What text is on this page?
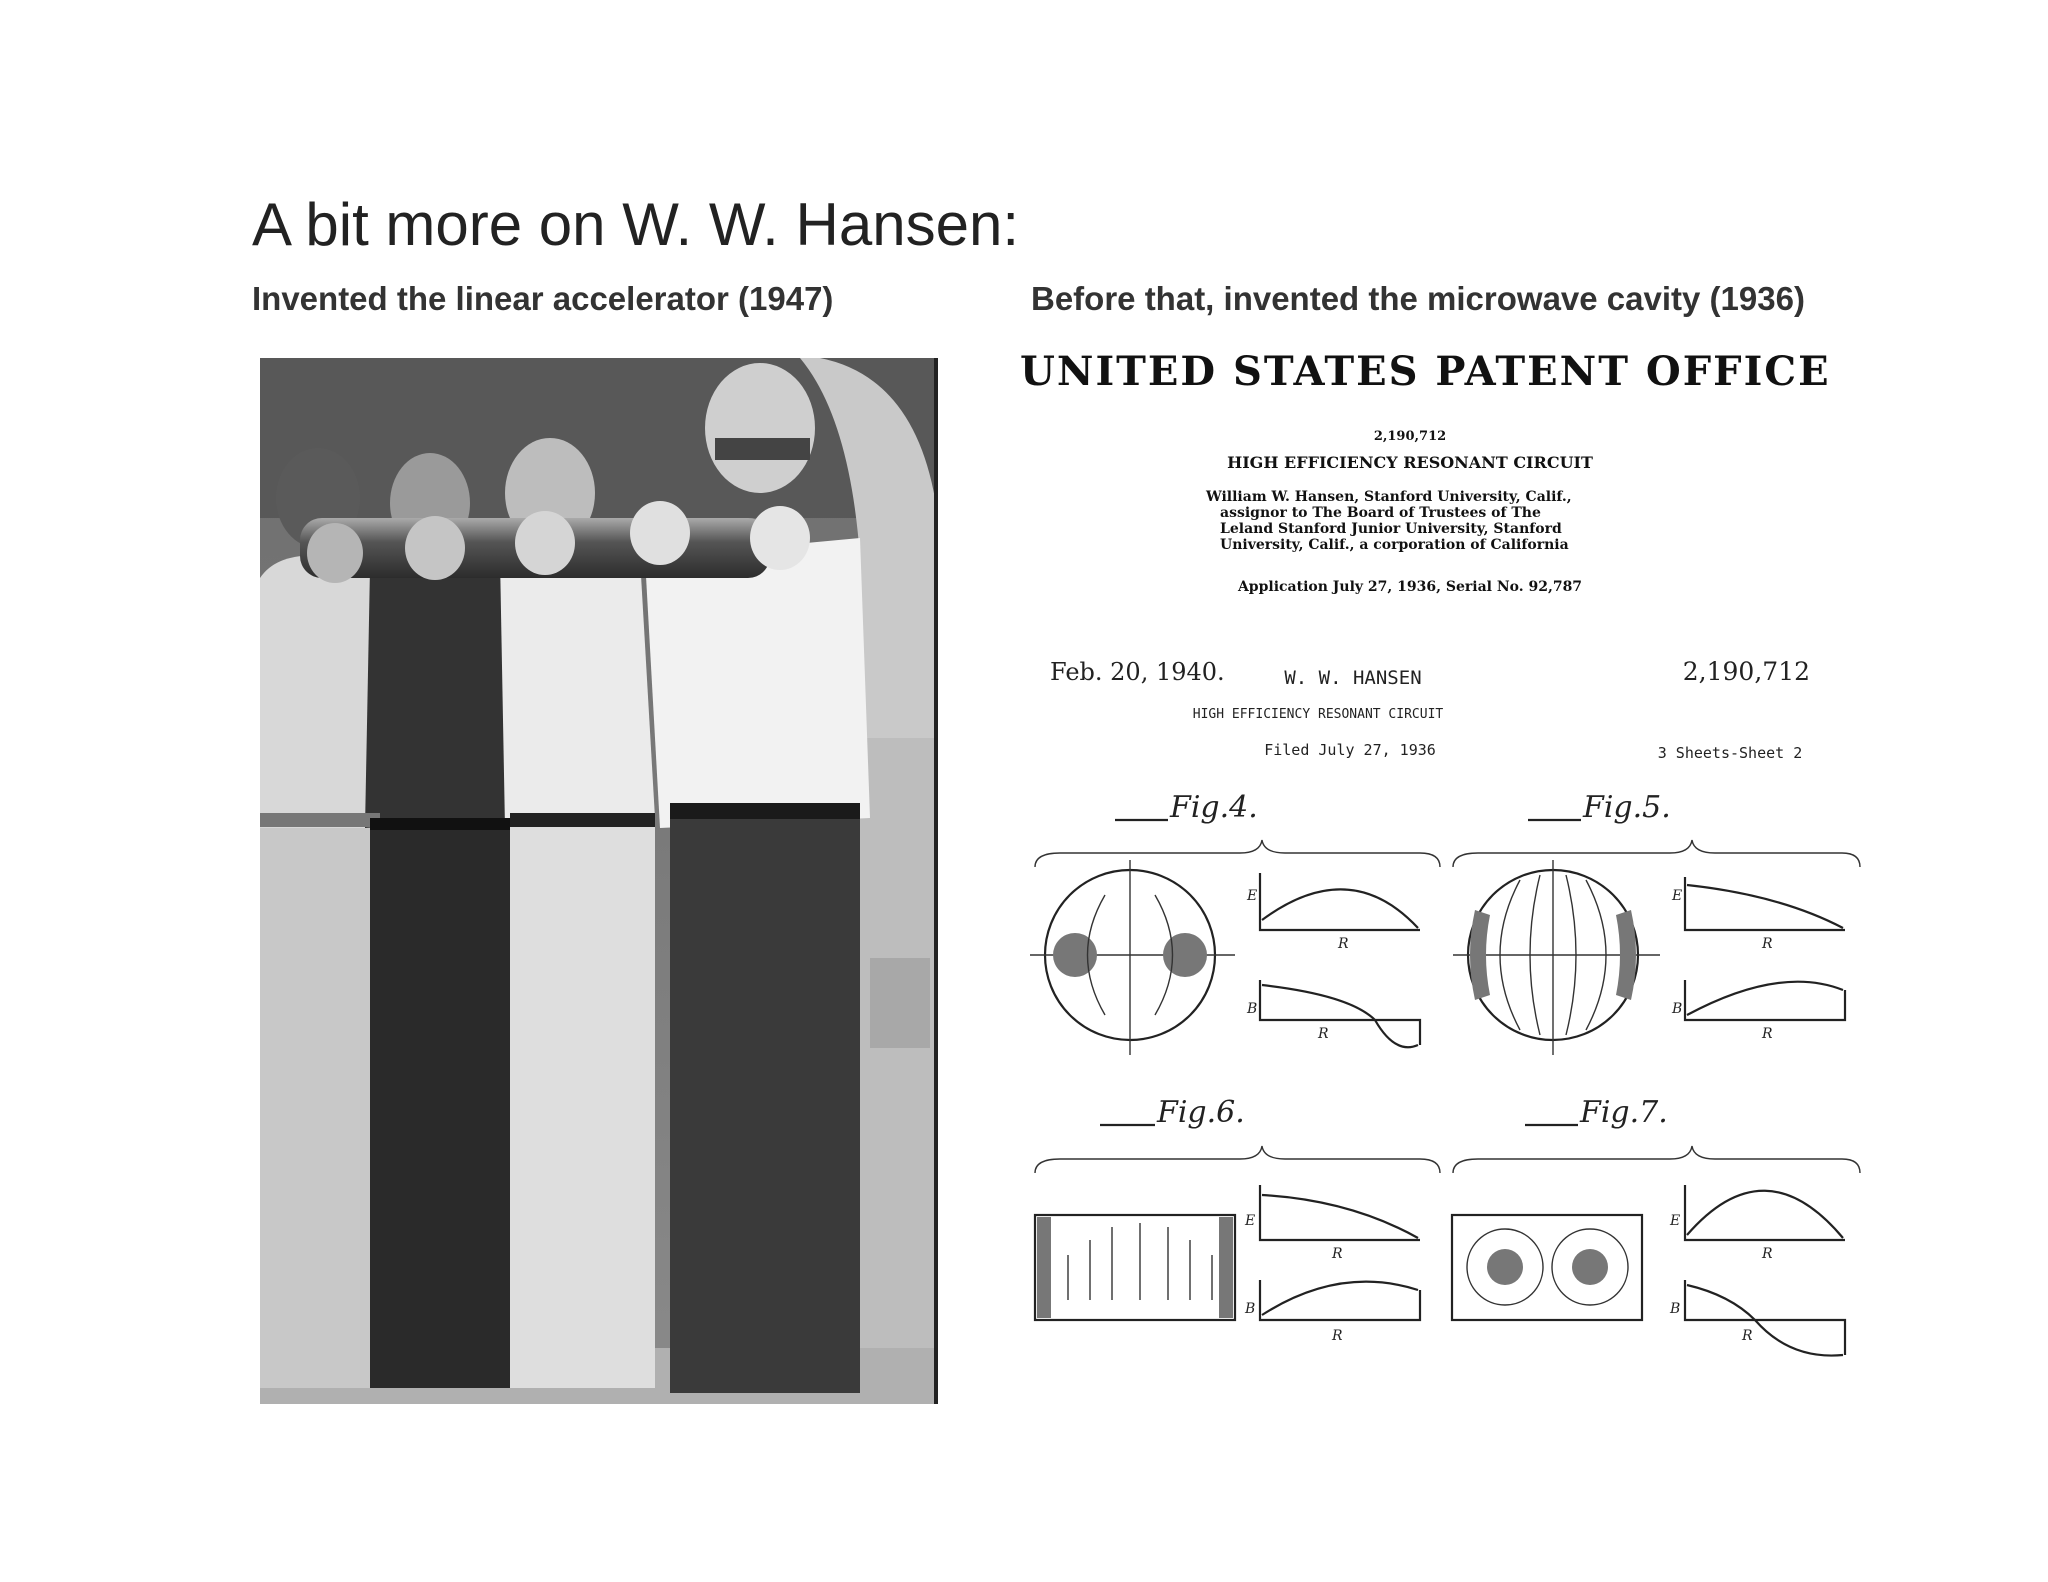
A bit more on W. W. Hansen:
Invented the linear accelerator (1947)	Before that, invented the microwave cavity (1936)
UNITED STATES PATENT OFFICE
2,190,712
HIGH EFFICIENCY RESONANT CIRCUIT
William W. Hansen, Stanford University, Calif.,
assignor to The Board of Trustees of The
Leland Stanford Junior University, Stanford
University, Calif., a corporation of California
Application July 27, 1936, Serial No. 92,787
Feb. 20, 1940.	W. W. HANSEN	2,190,712
HIGH EFFICIENCY RESONANT CIRCUIT
Filed July 27, 1936	3 Sheets-Sheet 2
Fig.4.	Fig.5.
Fig.6.	Fig.7.
E
R
B
R
E
R
B
R
E
R
B
R
E
R
B
R
